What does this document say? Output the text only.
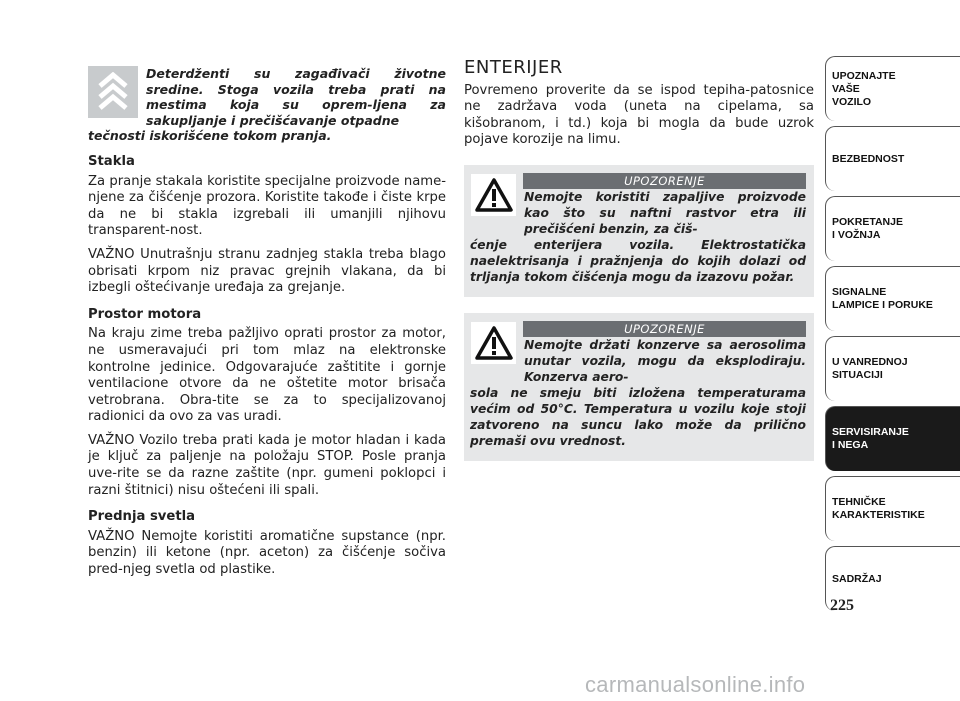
Deterdženti su zagađivači životne sredine. Stoga vozila treba prati na mestima koja su oprem-ljena za sakupljanje i prečišćavanje otpadne

tečnosti iskorišćene tokom pranja.

Stakla

Za pranje stakala koristite specijalne proizvode name-njene za čišćenje prozora. Koristite takođe i čiste krpe da ne bi stakla izgrebali ili umanjili njihovu transparent-nost.

VAŽNO Unutrašnju stranu zadnjeg stakla treba blago obrisati krpom niz pravac grejnih vlakana, da bi izbegli oštećivanje uređaja za grejanje.

Prostor motora

Na kraju zime treba pažljivo oprati prostor za motor, ne usmeravajući pri tom mlaz na elektronske kontrolne jedinice. Odgovarajuće zaštitite i gornje ventilacione otvore da ne oštetite motor brisača vetrobrana. Obra-tite se za to specijalizovanoj radionici da ovo za vas uradi.

VAŽNO Vozilo treba prati kada je motor hladan i kada je ključ za paljenje na položaju STOP. Posle pranja uve-rite se da razne zaštite (npr. gumeni poklopci i razni štitnici) nisu oštećeni ili spali.

Prednja svetla

VAŽNO Nemojte koristiti aromatične supstance (npr. benzin) ili ketone (npr. aceton) za čišćenje sočiva pred-njeg svetla od plastike.

ENTERIJER

Povremeno proverite da se ispod tepiha-patosnice ne zadržava voda (uneta na cipelama, sa kišobranom, i td.) koja bi mogla da bude uzrok pojave korozije na limu.

UPOZORENJE
Nemojte koristiti zapaljive proizvode kao što su naftni rastvor etra ili prečišćeni benzin, za čiš-
ćenje enterijera vozila. Elektrostatička naelektrisanja i pražnjenja do kojih dolazi od trljanja tokom čišćenja mogu da izazovu požar.
UPOZORENJE
Nemojte držati konzerve sa aerosolima unutar vozila, mogu da eksplodiraju. Konzerva aero-
sola ne smeju biti izložena temperaturama većim od 50°C. Temperatura u vozilu koje stoji zatvoreno na suncu lako može da prilično premaši ovu vrednost.
UPOZNAJTE
VAŠE
VOZILO
BEZBEDNOST
POKRETANJE
I VOŽNJA
SIGNALNE
LAMPICE I PORUKE
U VANREDNOJ
SITUACIJI
SERVISIRANJE
I NEGA
TEHNIČKE
KARAKTERISTIKE
SADRŽAJ
225
carmanualsonline.info
